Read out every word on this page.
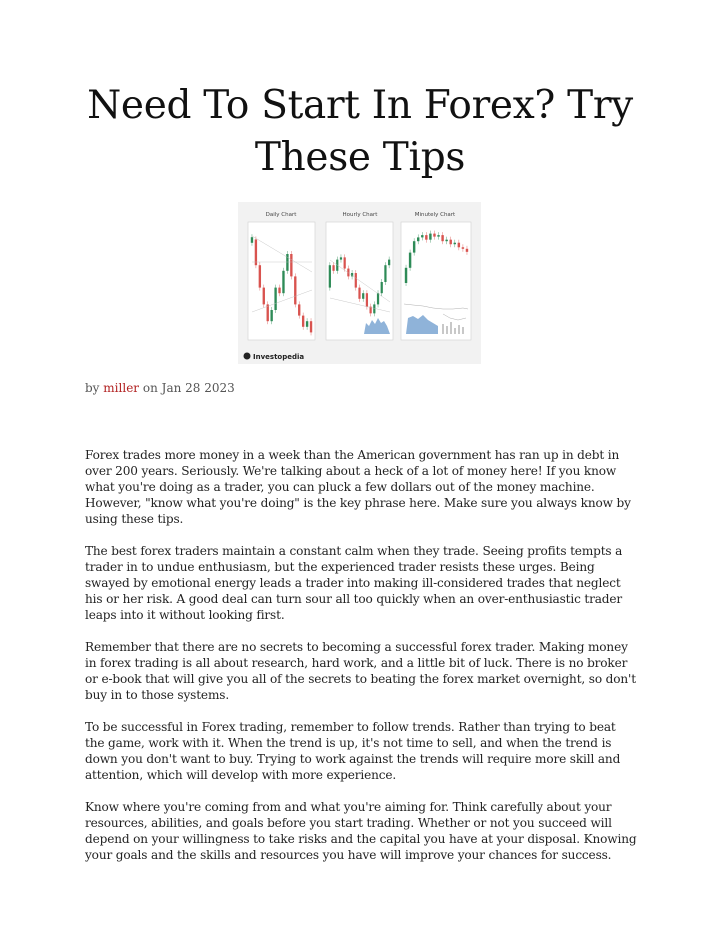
Need To Start In Forex? Try These Tips
Daily Chart	Hourly Chart	Minutely Chart
Investopedia
by miller on Jan 28 2023

Forex trades more money in a week than the American government has ran up in debt in over 200 years. Seriously. We're talking about a heck of a lot of money here! If you know what you're doing as a trader, you can pluck a few dollars out of the money machine. However, "know what you're doing" is the key phrase here. Make sure you always know by using these tips.

The best forex traders maintain a constant calm when they trade. Seeing profits tempts a trader in to undue enthusiasm, but the experienced trader resists these urges. Being swayed by emotional energy leads a trader into making ill-considered trades that neglect his or her risk. A good deal can turn sour all too quickly when an over-enthusiastic trader leaps into it without looking first.

Remember that there are no secrets to becoming a successful forex trader. Making money in forex trading is all about research, hard work, and a little bit of luck. There is no broker or e-book that will give you all of the secrets to beating the forex market overnight, so don't buy in to those systems.

To be successful in Forex trading, remember to follow trends. Rather than trying to beat the game, work with it. When the trend is up, it's not time to sell, and when the trend is down you don't want to buy. Trying to work against the trends will require more skill and attention, which will develop with more experience.

Know where you're coming from and what you're aiming for. Think carefully about your resources, abilities, and goals before you start trading. Whether or not you succeed will depend on your willingness to take risks and the capital you have at your disposal. Knowing your goals and the skills and resources you have will improve your chances for success.
